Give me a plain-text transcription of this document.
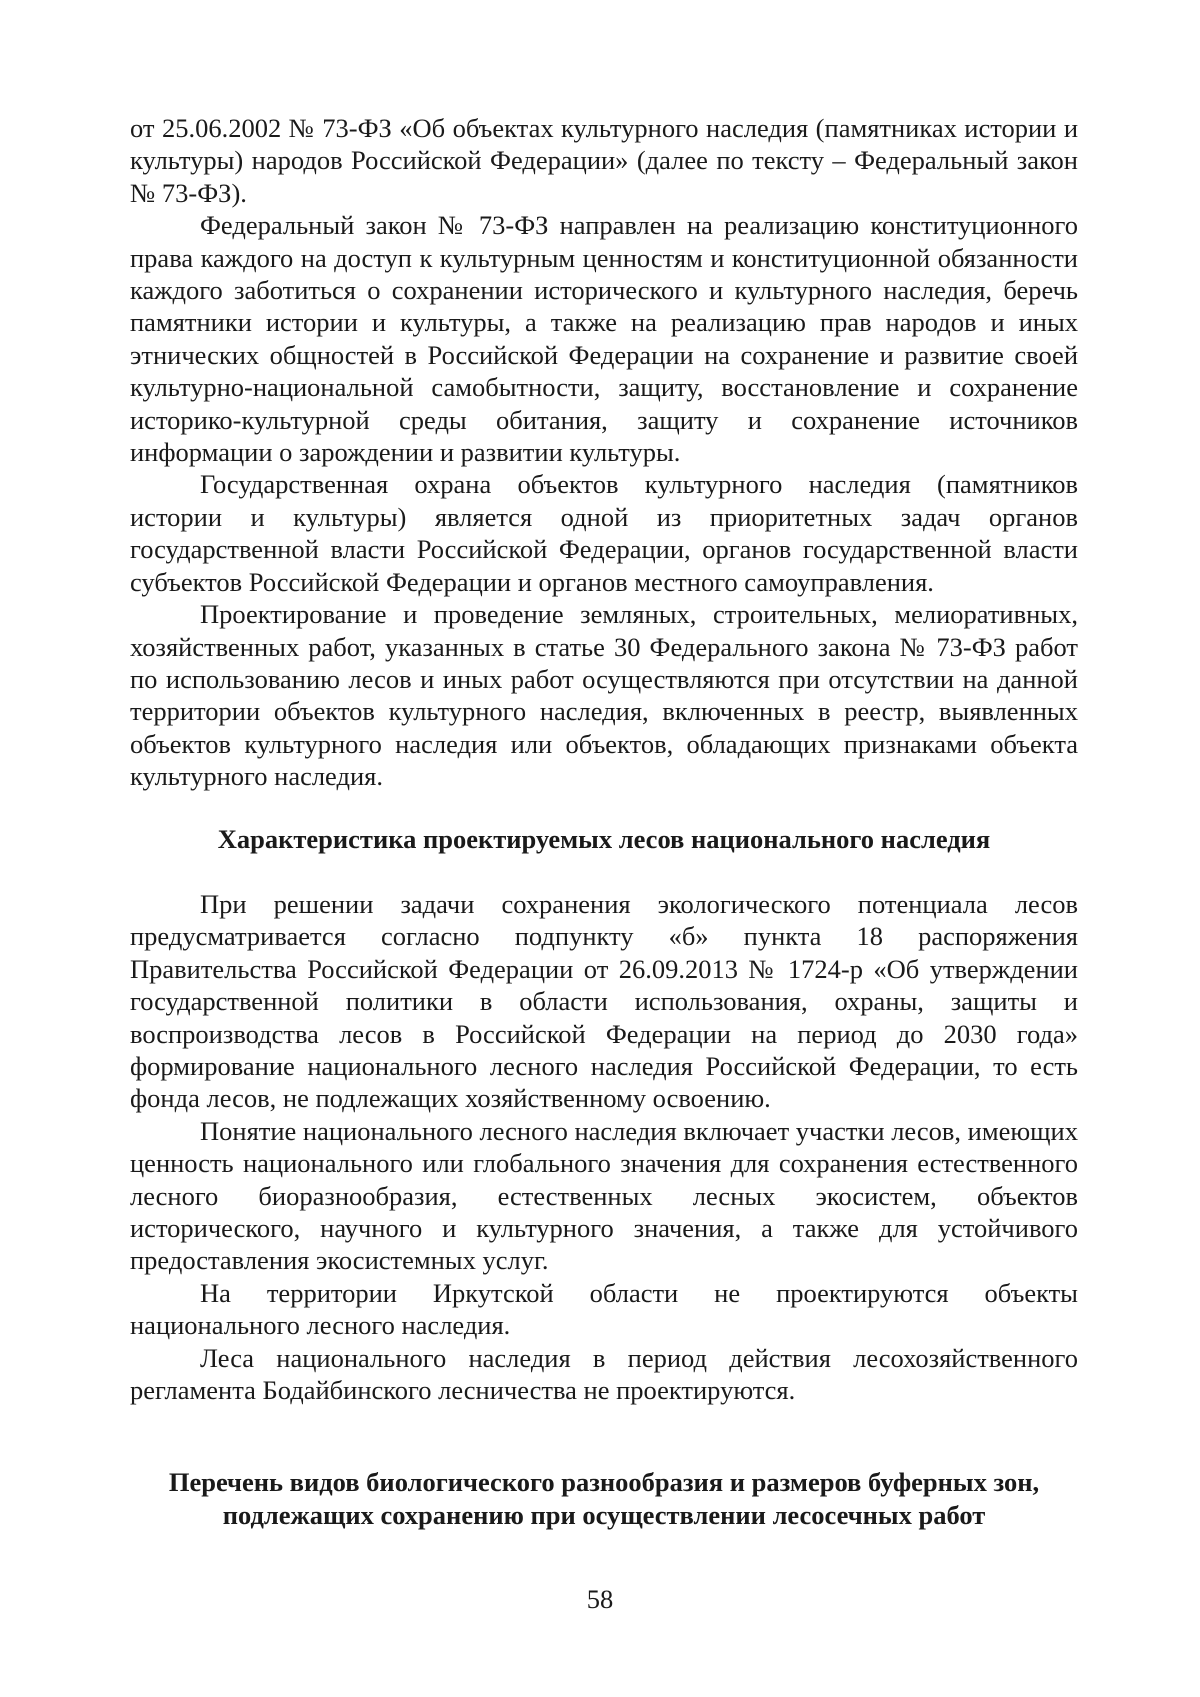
от 25.06.2002 № 73-ФЗ «Об объектах культурного наследия (памятниках истории и культуры) народов Российской Федерации» (далее по тексту – Федеральный закон № 73-ФЗ).

Федеральный закон № 73-ФЗ направлен на реализацию конституционного права каждого на доступ к культурным ценностям и конституционной обязанности каждого заботиться о сохранении исторического и культурного наследия, беречь памятники истории и культуры, а также на реализацию прав народов и иных этнических общностей в Российской Федерации на сохранение и развитие своей культурно-национальной самобытности, защиту, восстановление и сохранение историко-культурной среды обитания, защиту и сохранение источников информации о зарождении и развитии культуры.

Государственная охрана объектов культурного наследия (памятников истории и культуры) является одной из приоритетных задач органов государственной власти Российской Федерации, органов государственной власти субъектов Российской Федерации и органов местного самоуправления.

Проектирование и проведение земляных, строительных, мелиоративных, хозяйственных работ, указанных в статье 30 Федерального закона № 73-ФЗ работ по использованию лесов и иных работ осуществляются при отсутствии на данной территории объектов культурного наследия, включенных в реестр, выявленных объектов культурного наследия или объектов, обладающих признаками объекта культурного наследия.

Характеристика проектируемых лесов национального наследия

При решении задачи сохранения экологического потенциала лесов предусматривается согласно подпункту «б» пункта 18 распоряжения Правительства Российской Федерации от 26.09.2013 № 1724-р «Об утверждении государственной политики в области использования, охраны, защиты и воспроизводства лесов в Российской Федерации на период до 2030 года» формирование национального лесного наследия Российской Федерации, то есть фонда лесов, не подлежащих хозяйственному освоению.

Понятие национального лесного наследия включает участки лесов, имеющих ценность национального или глобального значения для сохранения естественного лесного биоразнообразия, естественных лесных экосистем, объектов исторического, научного и культурного значения, а также для устойчивого предоставления экосистемных услуг.

На территории Иркутской области не проектируются объекты национального лесного наследия.

Леса национального наследия в период действия лесохозяйственного регламента Бодайбинского лесничества не проектируются.

Перечень видов биологического разнообразия и размеров буферных зон,
подлежащих сохранению при осуществлении лесосечных работ
58
